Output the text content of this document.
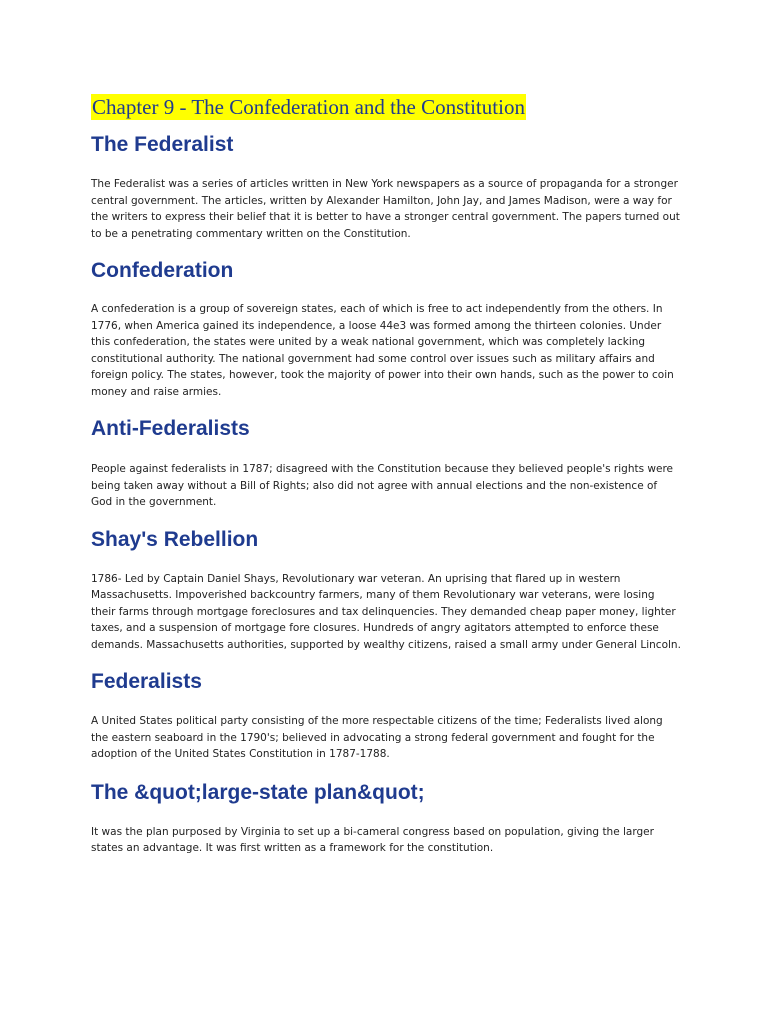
Chapter 9 - The Confederation and the Constitution
The Federalist

The Federalist was a series of articles written in New York newspapers as a source of propaganda for a stronger central government. The articles, written by Alexander Hamilton, John Jay, and James Madison, were a way for the writers to express their belief that it is better to have a stronger central government. The papers turned out to be a penetrating commentary written on the Constitution.

Confederation

A confederation is a group of sovereign states, each of which is free to act independently from the others. In 1776, when America gained its independence, a loose 44e3 was formed among the thirteen colonies. Under this confederation, the states were united by a weak national government, which was completely lacking constitutional authority. The national government had some control over issues such as military affairs and foreign policy. The states, however, took the majority of power into their own hands, such as the power to coin money and raise armies.

Anti-Federalists

People against federalists in 1787; disagreed with the Constitution because they believed people's rights were being taken away without a Bill of Rights; also did not agree with annual elections and the non-existence of God in the government.

Shay's Rebellion

1786- Led by Captain Daniel Shays, Revolutionary war veteran. An uprising that flared up in western Massachusetts. Impoverished backcountry farmers, many of them Revolutionary war veterans, were losing their farms through mortgage foreclosures and tax delinquencies. They demanded cheap paper money, lighter taxes, and a suspension of mortgage fore closures. Hundreds of angry agitators attempted to enforce these demands. Massachusetts authorities, supported by wealthy citizens, raised a small army under General Lincoln.

Federalists

A United States political party consisting of the more respectable citizens of the time; Federalists lived along the eastern seaboard in the 1790's; believed in advocating a strong federal government and fought for the adoption of the United States Constitution in 1787-1788.

The &quot;large-state plan&quot;

It was the plan purposed by Virginia to set up a bi-cameral congress based on population, giving the larger states an advantage. It was first written as a framework for the constitution.
